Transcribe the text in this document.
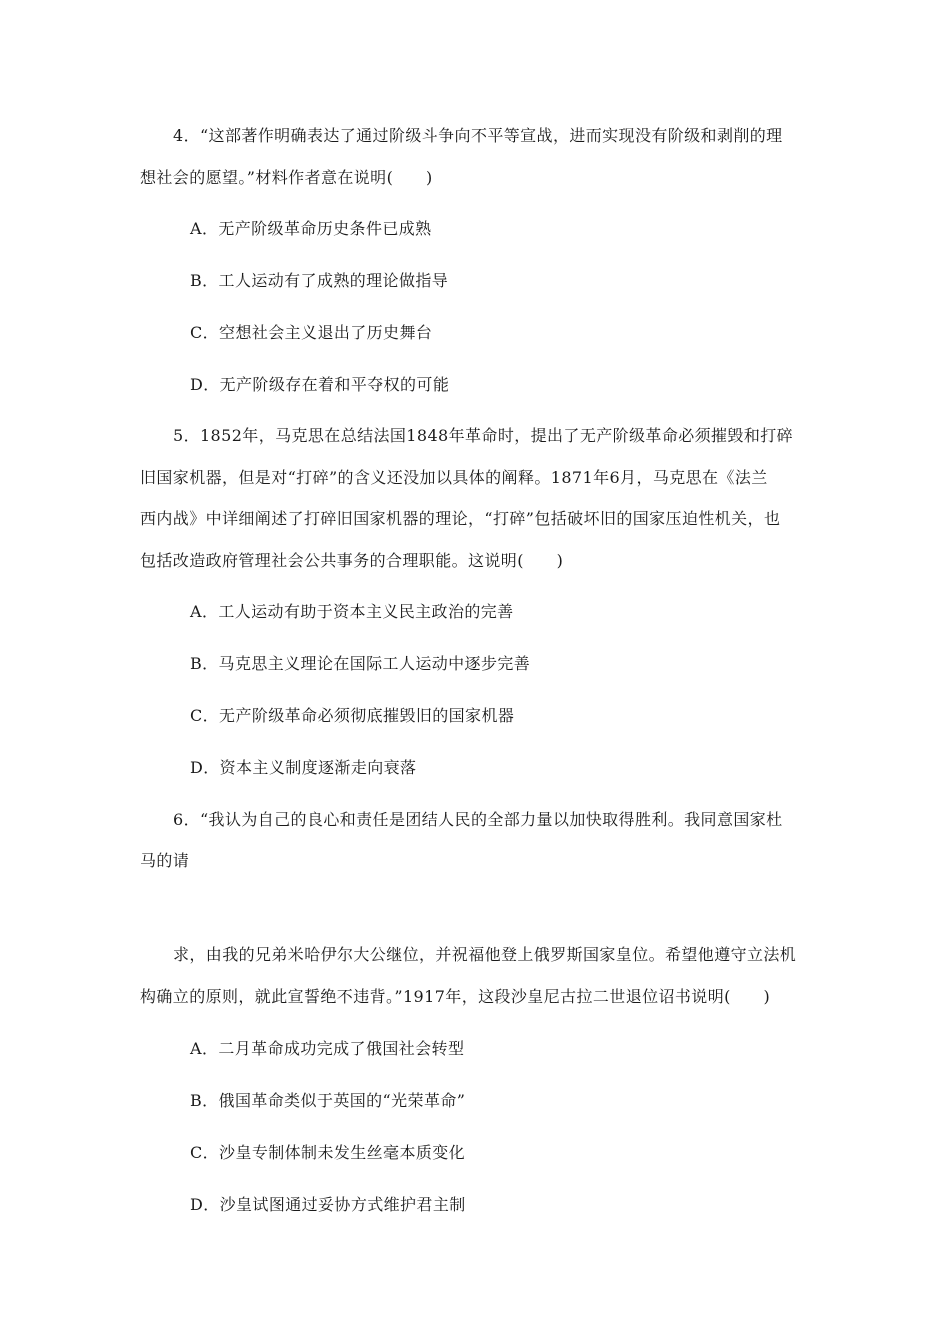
4．“这部著作明确表达了通过阶级斗争向不平等宣战，进而实现没有阶级和剥削的理
想社会的愿望。”材料作者意在说明(　　)
A．无产阶级革命历史条件已成熟
B．工人运动有了成熟的理论做指导
C．空想社会主义退出了历史舞台
D．无产阶级存在着和平夺权的可能
5．1852年，马克思在总结法国1848年革命时，提出了无产阶级革命必须摧毁和打碎
旧国家机器，但是对“打碎”的含义还没加以具体的阐释。1871年6月，马克思在《法兰
西内战》中详细阐述了打碎旧国家机器的理论，“打碎”包括破坏旧的国家压迫性机关，也
包括改造政府管理社会公共事务的合理职能。这说明(　　)
A．工人运动有助于资本主义民主政治的完善
B．马克思主义理论在国际工人运动中逐步完善
C．无产阶级革命必须彻底摧毁旧的国家机器
D．资本主义制度逐渐走向衰落
6．“我认为自己的良心和责任是团结人民的全部力量以加快取得胜利。我同意国家杜
马的请
求，由我的兄弟米哈伊尔大公继位，并祝福他登上俄罗斯国家皇位。希望他遵守立法机
构确立的原则，就此宣誓绝不违背。”1917年，这段沙皇尼古拉二世退位诏书说明(　　)
A．二月革命成功完成了俄国社会转型
B．俄国革命类似于英国的“光荣革命”
C．沙皇专制体制未发生丝毫本质变化
D．沙皇试图通过妥协方式维护君主制
